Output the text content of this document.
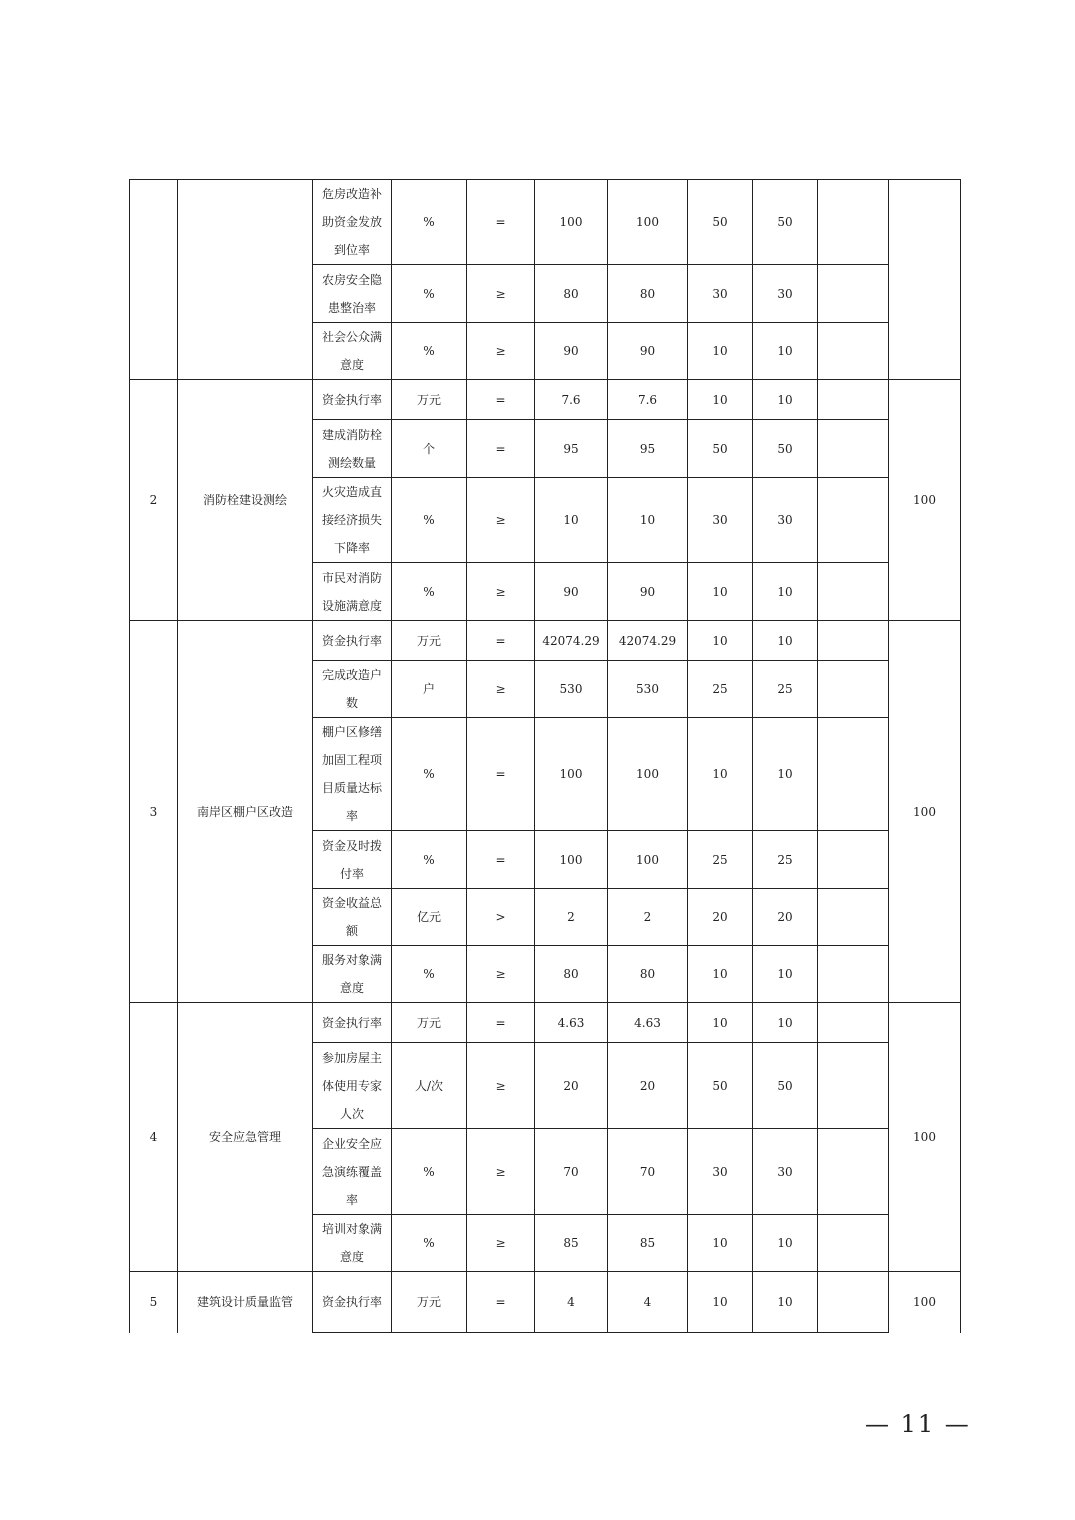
		危房改造补助资金发放到位率	%	=	100	100	50	50		
		农房安全隐患整治率	%	≥	80	80	30	30		
		社会公众满意度	%	≥	90	90	10	10		
2	消防栓建设测绘	资金执行率	万元	=	7.6	7.6	10	10		100
		建成消防栓测绘数量	个	=	95	95	50	50		
		火灾造成直接经济损失下降率	%	≥	10	10	30	30		
		市民对消防设施满意度	%	≥	90	90	10	10		
3	南岸区棚户区改造	资金执行率	万元	=	42074.29	42074.29	10	10		100
		完成改造户数	户	≥	530	530	25	25		
		棚户区修缮加固工程项目质量达标率	%	=	100	100	10	10		
		资金及时拨付率	%	=	100	100	25	25		
		资金收益总额	亿元	>	2	2	20	20		
		服务对象满意度	%	≥	80	80	10	10		
4	安全应急管理	资金执行率	万元	=	4.63	4.63	10	10		100
		参加房屋主体使用专家人次	人/次	≥	20	20	50	50		
		企业安全应急演练覆盖率	%	≥	70	70	30	30		
		培训对象满意度	%	≥	85	85	10	10		
5	建筑设计质量监管	资金执行率	万元	=	4	4	10	10		100
— 11 —
